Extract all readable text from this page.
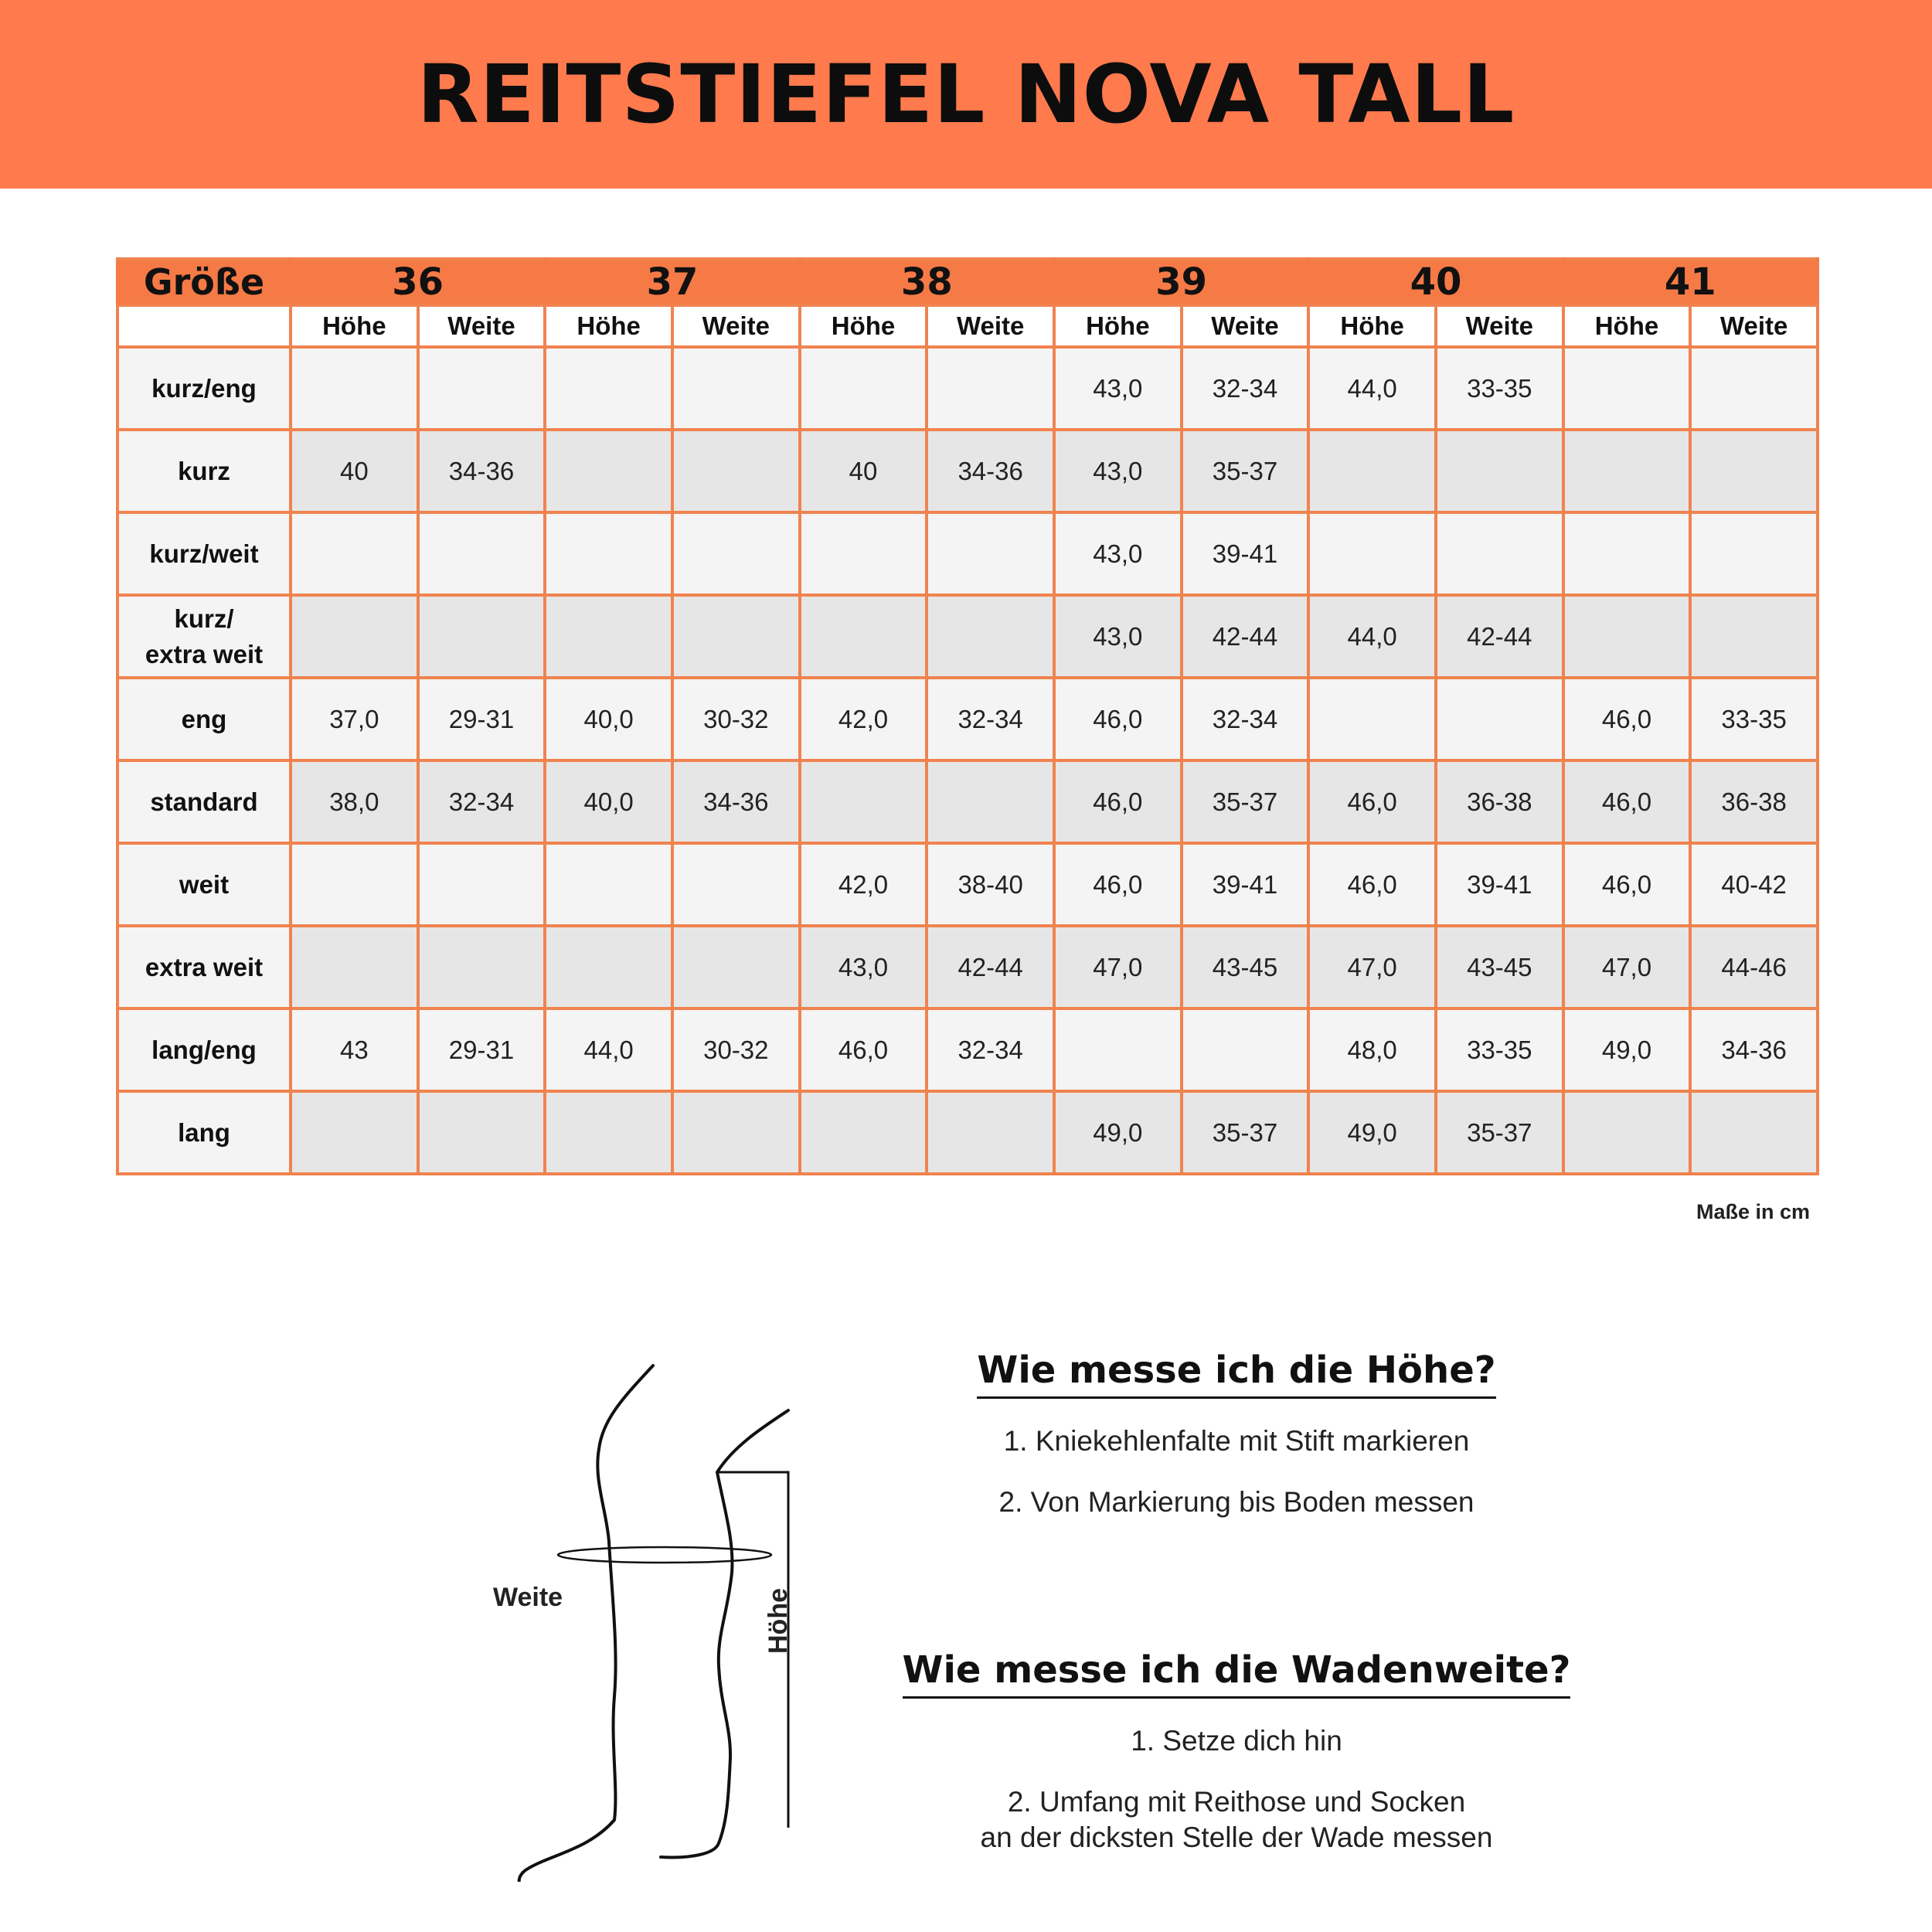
REITSTIEFEL NOVA TALL
Größe	36		37		38		39		40		41	
	Höhe	Weite	Höhe	Weite	Höhe	Weite	Höhe	Weite	Höhe	Weite	Höhe	Weite
kurz/eng							43,0	32-34	44,0	33-35		
kurz	40	34-36			40	34-36	43,0	35-37				
kurz/weit							43,0	39-41				

kurz/
extra weit							43,0	42-44	44,0	42-44		
eng	37,0	29-31	40,0	30-32	42,0	32-34	46,0	32-34			46,0	33-35
standard	38,0	32-34	40,0	34-36			46,0	35-37	46,0	36-38	46,0	36-38
weit					42,0	38-40	46,0	39-41	46,0	39-41	46,0	40-42
extra weit					43,0	42-44	47,0	43-45	47,0	43-45	47,0	44-46
lang/eng	43	29-31	44,0	30-32	46,0	32-34			48,0	33-35	49,0	34-36
lang							49,0	35-37	49,0	35-37		
Maße in cm
Weite	Höhe
Wie messe ich die Höhe?

1. Kniekehlenfalte mit Stift markieren

2. Von Markierung bis Boden messen

Wie messe ich die Wadenweite?

1. Setze dich hin

2. Umfang mit Reithose und Socken

an der dicksten Stelle der Wade messen
